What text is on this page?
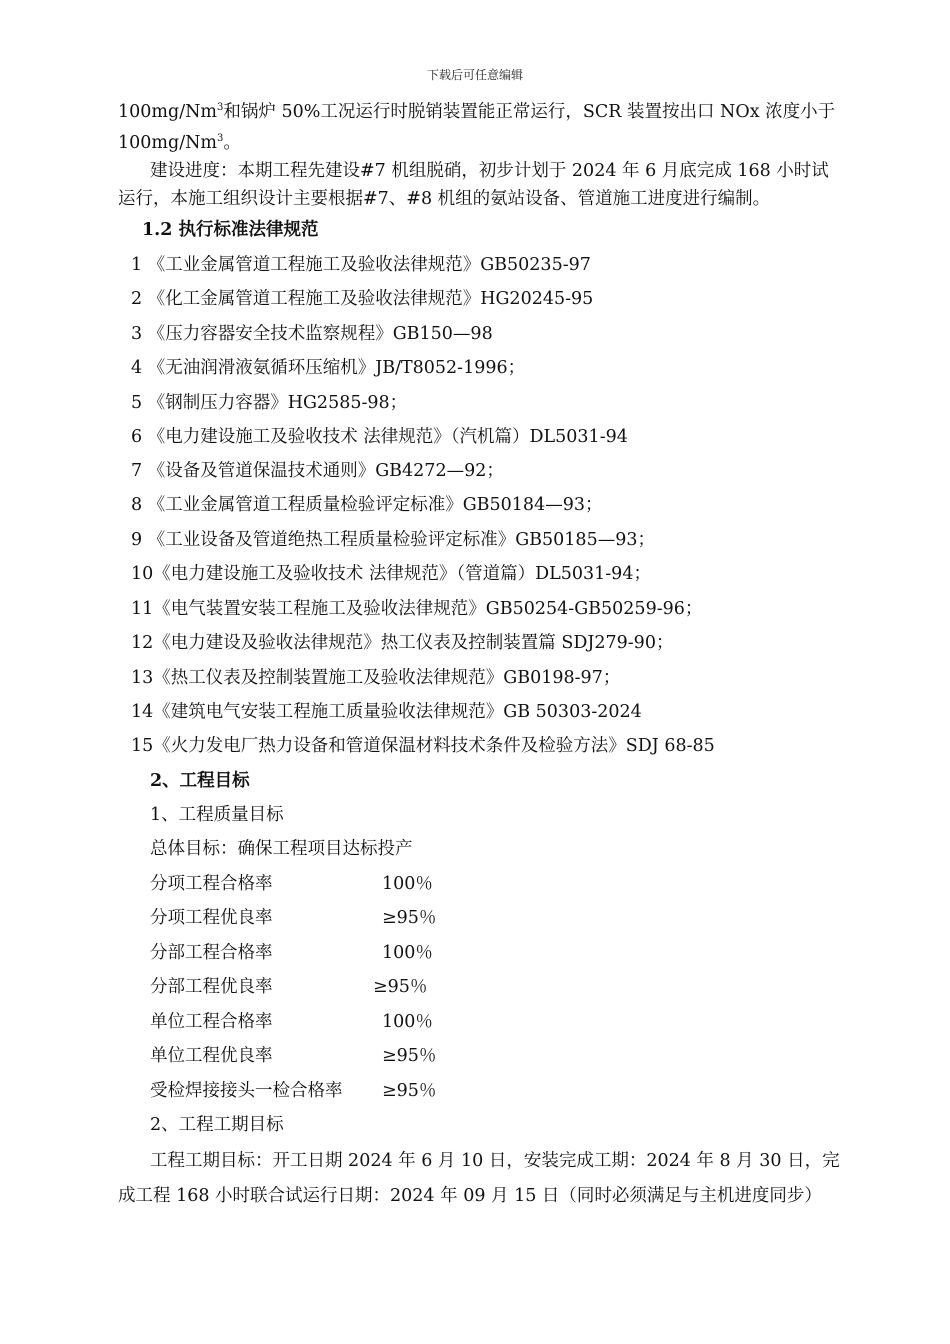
下载后可任意编辑
100mg/Nm$^3$和锅炉 50%工况运行时脱销装置能正常运行，SCR 装置按出口 NOx 浓度小于
100mg/Nm$^3$。
建设进度：本期工程先建设#7 机组脱硝，初步计划于 2024 年 6 月底完成 168 小时试
运行，本施工组织设计主要根据#7、#8 机组的氨站设备、管道施工进度进行编制。
1.2 执行标准法律规范
1 《工业金属管道工程施工及验收法律规范》GB50235-97
2 《化工金属管道工程施工及验收法律规范》HG20245-95
3 《压力容器安全技术监察规程》GB150—98
4 《无油润滑液氨循环压缩机》JB/T8052-1996；
5 《钢制压力容器》HG2585-98；
6 《电力建设施工及验收技术 法律规范》（汽机篇）DL5031-94
7 《设备及管道保温技术通则》GB4272—92；
8 《工业金属管道工程质量检验评定标准》GB50184—93；
9 《工业设备及管道绝热工程质量检验评定标准》GB50185—93；
10《电力建设施工及验收技术 法律规范》（管道篇）DL5031-94；
11《电气装置安装工程施工及验收法律规范》GB50254-GB50259-96；
12《电力建设及验收法律规范》热工仪表及控制装置篇 SDJ279-90；
13《热工仪表及控制装置施工及验收法律规范》GB0198-97；
14《建筑电气安装工程施工质量验收法律规范》GB 50303-2024
15《火力发电厂热力设备和管道保温材料技术条件及检验方法》SDJ 68-85
2、工程目标
1、工程质量目标
总体目标：确保工程项目达标投产
分项工程合格率	100％
分项工程优良率	≥95％
分部工程合格率	100％
分部工程优良率	≥95％
单位工程合格率	100％
单位工程优良率	≥95％
受检焊接接头一检合格率 ≥95％
2、工程工期目标
工程工期目标：开工日期 2024 年 6 月 10 日，安装完成工期：2024 年 8 月 30 日，完
成工程 168 小时联合试运行日期：2024 年 09 月 15 日（同时必须满足与主机进度同步）
